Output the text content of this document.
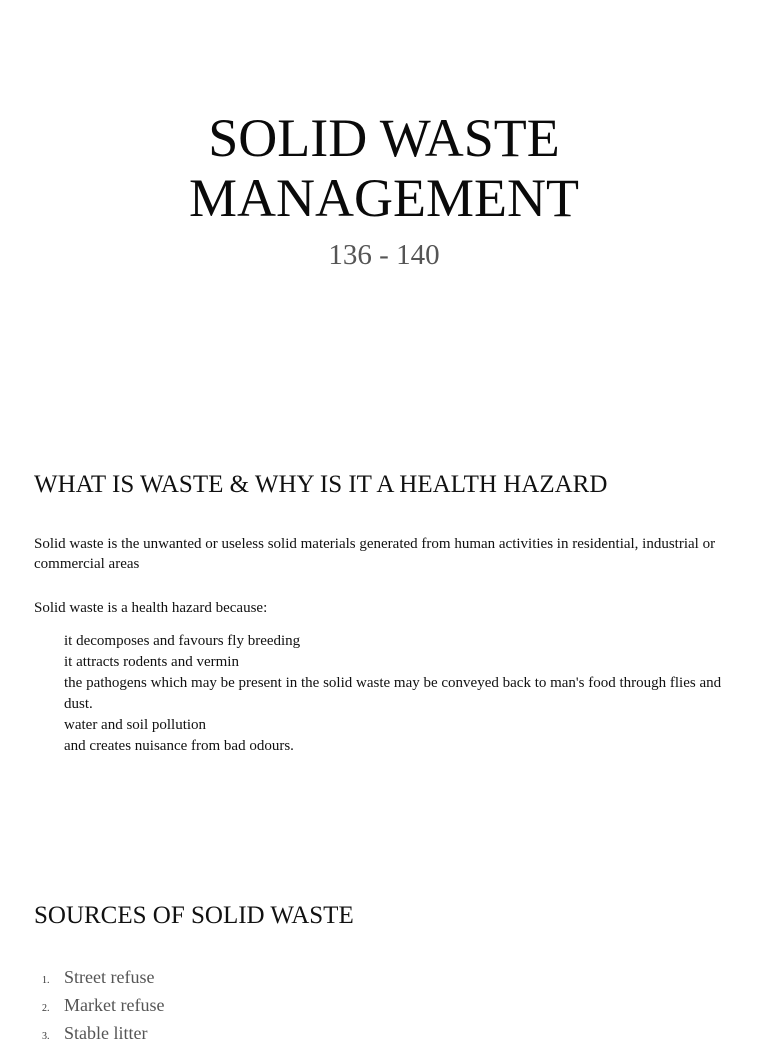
SOLID WASTE
MANAGEMENT
136 - 140
WHAT IS WASTE & WHY IS IT A HEALTH HAZARD

Solid waste is the unwanted or useless solid materials generated from human activities in residential, industrial or commercial areas

Solid waste is a health hazard because:

it decomposes and favours fly breeding
it attracts rodents and vermin
the pathogens which may be present in the solid waste may be conveyed back to man's food through flies and dust.
water and soil pollution
and creates nuisance from bad odours.
SOURCES OF SOLID WASTE
1. Street refuse
2. Market refuse
3. Stable litter
